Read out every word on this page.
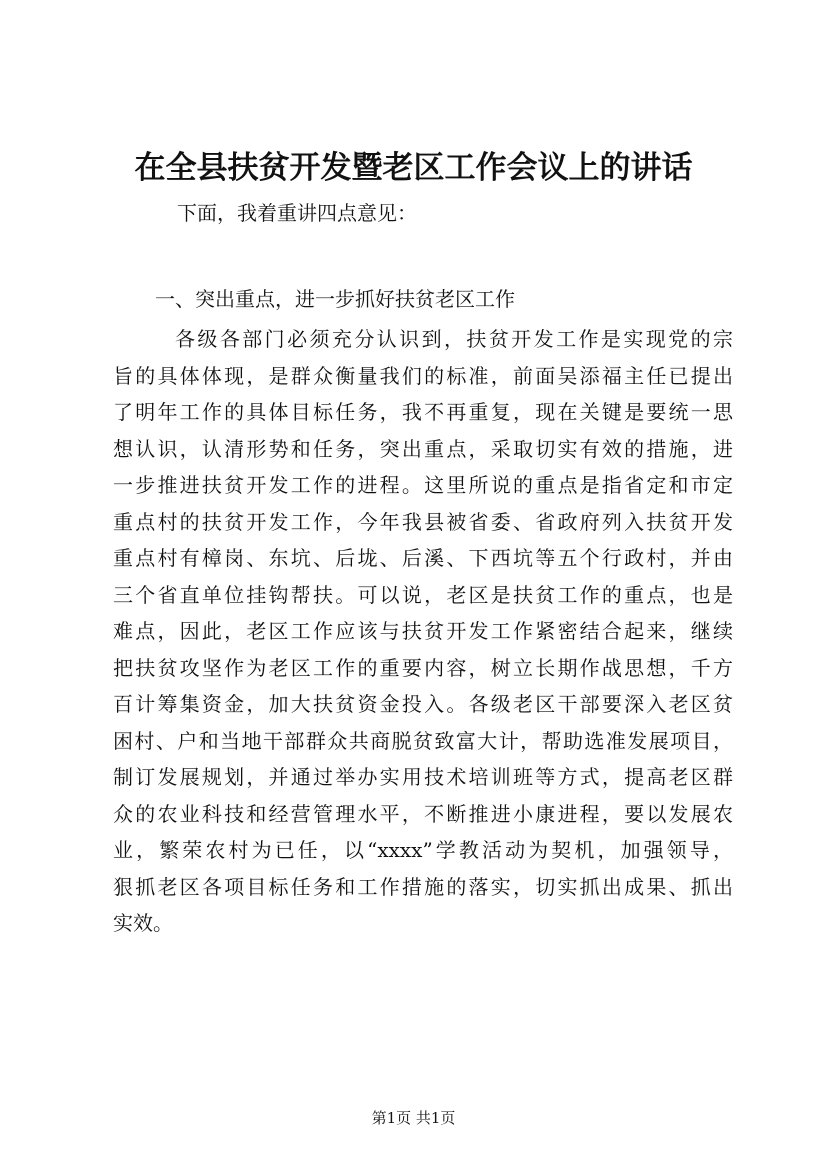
在全县扶贫开发暨老区工作会议上的讲话
下面，我着重讲四点意见：
一、突出重点，进一步抓好扶贫老区工作
各级各部门必须充分认识到，扶贫开发工作是实现党的宗
旨的具体体现，是群众衡量我们的标准，前面吴添福主任已提出
了明年工作的具体目标任务，我不再重复，现在关键是要统一思
想认识，认清形势和任务，突出重点，采取切实有效的措施，进
一步推进扶贫开发工作的进程。这里所说的重点是指省定和市定
重点村的扶贫开发工作，今年我县被省委、省政府列入扶贫开发
重点村有樟岗、东坑、后垅、后溪、下西坑等五个行政村，并由
三个省直单位挂钩帮扶。可以说，老区是扶贫工作的重点，也是
难点，因此，老区工作应该与扶贫开发工作紧密结合起来，继续
把扶贫攻坚作为老区工作的重要内容，树立长期作战思想，千方
百计筹集资金，加大扶贫资金投入。各级老区干部要深入老区贫
困村、户和当地干部群众共商脱贫致富大计，帮助选准发展项目，
制订发展规划，并通过举办实用技术培训班等方式，提高老区群
众的农业科技和经营管理水平，不断推进小康进程，要以发展农
业，繁荣农村为已任，以“xxxx”学教活动为契机，加强领导，
狠抓老区各项目标任务和工作措施的落实，切实抓出成果、抓出
实效。
第1页 共1页
